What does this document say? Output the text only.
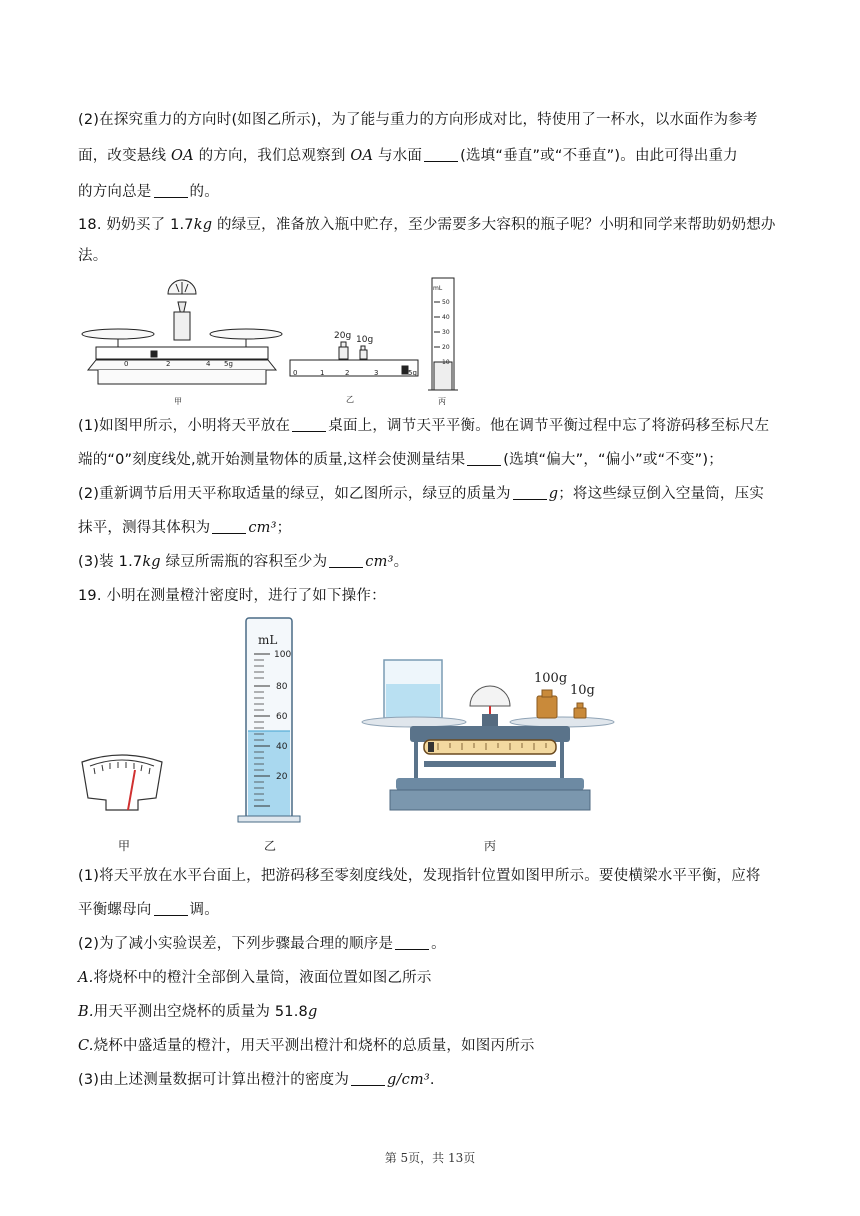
(2)在探究重力的方向时(如图乙所示)，为了能与重力的方向形成对比，特使用了一杯水，以水面作为参考
面，改变悬线 OA 的方向，我们总观察到 OA 与水面	(选填“垂直”或“不垂直”)。由此可得出重力
的方向总是	的。
18. 奶奶买了 1.7kg 的绿豆，准备放入瓶中贮存，至少需要多大容积的瓶子呢？小明和同学来帮助奶奶想办
法。
0	2	4 5g
0	1	2	3	5g
20g 10g
mL
50
40
30
20
10
甲	乙	丙
(1)如图甲所示，小明将天平放在	桌面上，调节天平平衡。他在调节平衡过程中忘了将游码移至标尺左
端的“0”刻度线处,就开始测量物体的质量,这样会使测量结果	(选填“偏大”，“偏小”或“不变”)；
(2)重新调节后用天平称取适量的绿豆，如乙图所示，绿豆的质量为	g；将这些绿豆倒入空量筒，压实
抹平，测得其体积为	cm³；
(3)装 1.7kg 绿豆所需瓶的容积至少为	cm³。
19. 小明在测量橙汁密度时，进行了如下操作：
甲
mL
100
80
60
40
20
乙
100g
10g
丙
(1)将天平放在水平台面上，把游码移至零刻度线处，发现指针位置如图甲所示。要使横梁水平平衡，应将
平衡螺母向	调。
(2)为了减小实验误差，下列步骤最合理的顺序是	。
A.将烧杯中的橙汁全部倒入量筒，液面位置如图乙所示
B.用天平测出空烧杯的质量为 51.8g
C.烧杯中盛适量的橙汁，用天平测出橙汁和烧杯的总质量，如图丙所示
(3)由上述测量数据可计算出橙汁的密度为	g/cm³.
第 5页，共 13页
